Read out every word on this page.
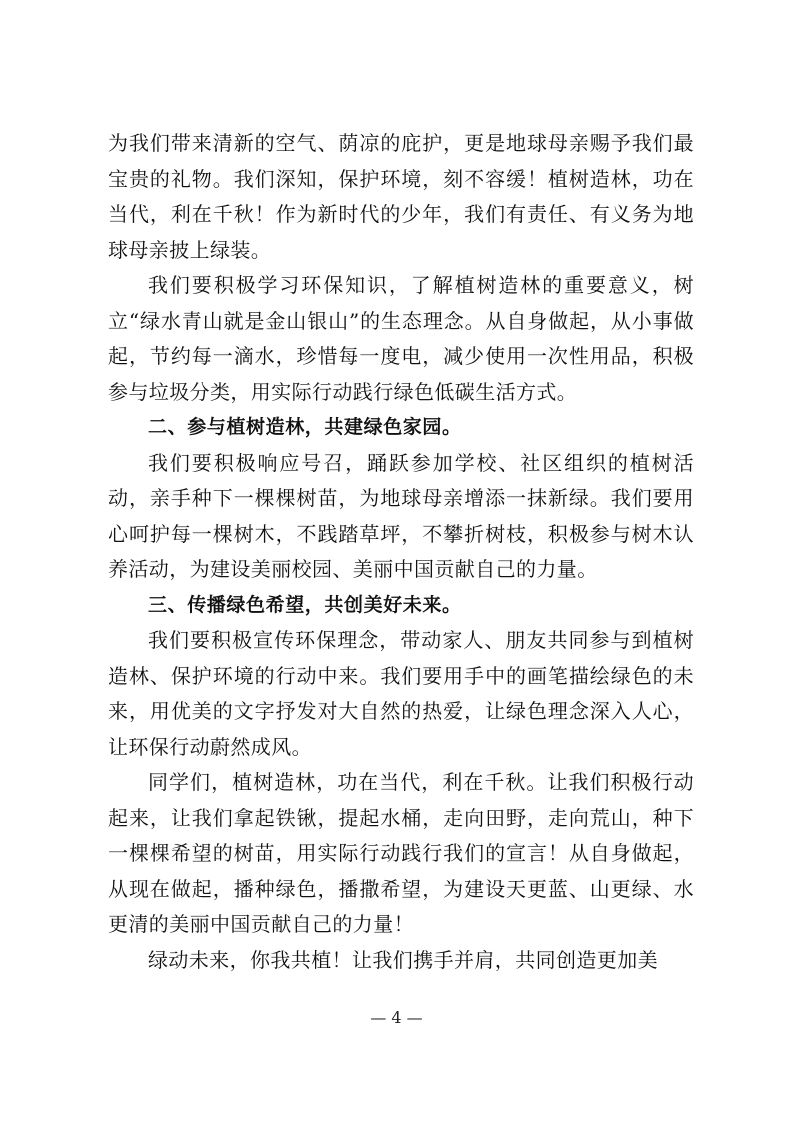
为我们带来清新的空气、荫凉的庇护，更是地球母亲赐予我们最宝贵的礼物。我们深知，保护环境，刻不容缓！植树造林，功在当代，利在千秋！作为新时代的少年，我们有责任、有义务为地球母亲披上绿装。

我们要积极学习环保知识，了解植树造林的重要意义，树立“绿水青山就是金山银山”的生态理念。从自身做起，从小事做起，节约每一滴水，珍惜每一度电，减少使用一次性用品，积极参与垃圾分类，用实际行动践行绿色低碳生活方式。

二、参与植树造林，共建绿色家园。

我们要积极响应号召，踊跃参加学校、社区组织的植树活动，亲手种下一棵棵树苗，为地球母亲增添一抹新绿。我们要用心呵护每一棵树木，不践踏草坪，不攀折树枝，积极参与树木认养活动，为建设美丽校园、美丽中国贡献自己的力量。

三、传播绿色希望，共创美好未来。

我们要积极宣传环保理念，带动家人、朋友共同参与到植树造林、保护环境的行动中来。我们要用手中的画笔描绘绿色的未来，用优美的文字抒发对大自然的热爱，让绿色理念深入人心，让环保行动蔚然成风。

同学们，植树造林，功在当代，利在千秋。让我们积极行动起来，让我们拿起铁锹，提起水桶，走向田野，走向荒山，种下一棵棵希望的树苗，用实际行动践行我们的宣言！从自身做起，从现在做起，播种绿色，播撒希望，为建设天更蓝、山更绿、水更清的美丽中国贡献自己的力量！

绿动未来，你我共植！让我们携手并肩，共同创造更加美

— 4 —
